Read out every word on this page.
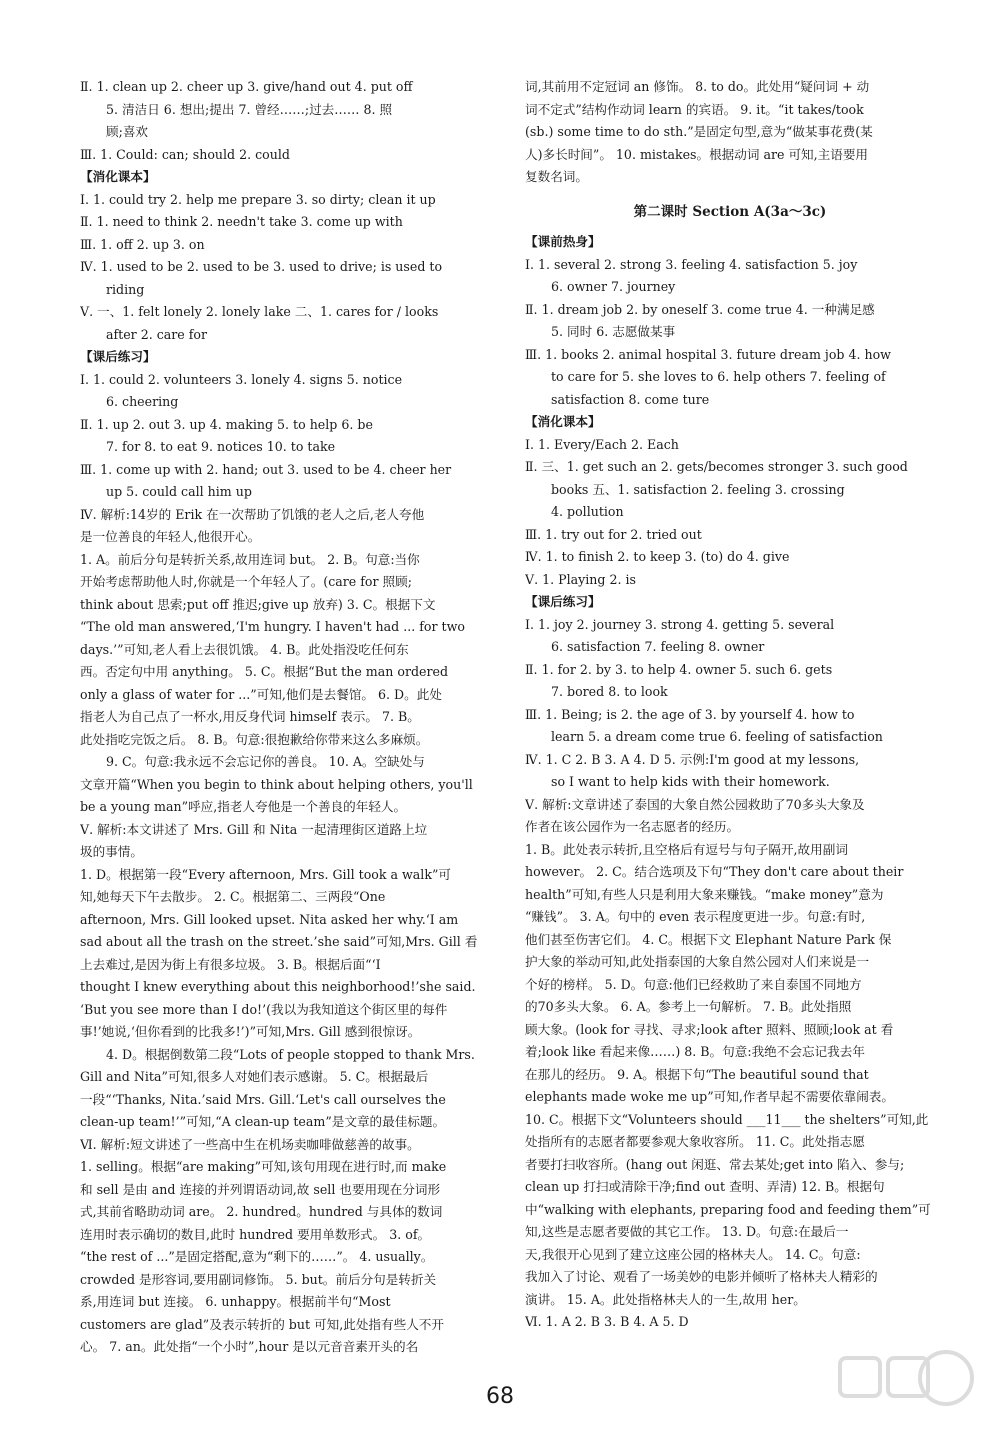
Ⅱ. 1. clean up 2. cheer up 3. give/hand out 4. put off
5. 清洁日 6. 想出;提出 7. 曾经……;过去…… 8. 照
顾;喜欢
Ⅲ. 1. Could: can; should 2. could
【消化课本】
Ⅰ. 1. could try 2. help me prepare 3. so dirty; clean it up
Ⅱ. 1. need to think 2. needn't take 3. come up with
Ⅲ. 1. off 2. up 3. on
Ⅳ. 1. used to be 2. used to be 3. used to drive; is used to
riding
Ⅴ. 一、1. felt lonely 2. lonely lake 二、1. cares for / looks
after 2. care for
【课后练习】
Ⅰ. 1. could 2. volunteers 3. lonely 4. signs 5. notice
6. cheering
Ⅱ. 1. up 2. out 3. up 4. making 5. to help 6. be
7. for 8. to eat 9. notices 10. to take
Ⅲ. 1. come up with 2. hand; out 3. used to be 4. cheer her
up 5. could call him up
Ⅳ. 解析:14岁的 Erik 在一次帮助了饥饿的老人之后,老人夸他
是一位善良的年轻人,他很开心。
1. A。前后分句是转折关系,故用连词 but。 2. B。句意:当你
开始考虑帮助他人时,你就是一个年轻人了。(care for 照顾;
think about 思索;put off 推迟;give up 放弃) 3. C。根据下文
“The old man answered,‘I'm hungry. I haven't had ... for two
days.’”可知,老人看上去很饥饿。 4. B。此处指没吃任何东
西。否定句中用 anything。 5. C。根据“But the man ordered
only a glass of water for ...”可知,他们是去餐馆。 6. D。此处
指老人为自己点了一杯水,用反身代词 himself 表示。 7. B。
此处指吃完饭之后。 8. B。句意:很抱歉给你带来这么多麻烦。
9. C。句意:我永远不会忘记你的善良。 10. A。空缺处与
文章开篇“When you begin to think about helping others, you'll
be a young man”呼应,指老人夸他是一个善良的年轻人。
Ⅴ. 解析:本文讲述了 Mrs. Gill 和 Nita 一起清理街区道路上垃
圾的事情。
1. D。根据第一段“Every afternoon, Mrs. Gill took a walk”可
知,她每天下午去散步。 2. C。根据第二、三两段“One
afternoon, Mrs. Gill looked upset. Nita asked her why.‘I am
sad about all the trash on the street.’she said”可知,Mrs. Gill 看
上去难过,是因为街上有很多垃圾。 3. B。根据后面“‘I
thought I knew everything about this neighborhood!’she said.
‘But you see more than I do!’(我以为我知道这个街区里的每件
事!’她说,‘但你看到的比我多!’)”可知,Mrs. Gill 感到很惊讶。
4. D。根据倒数第二段“Lots of people stopped to thank Mrs.
Gill and Nita”可知,很多人对她们表示感谢。 5. C。根据最后
一段“‘Thanks, Nita.’said Mrs. Gill.‘Let's call ourselves the
clean-up team!’”可知,“A clean-up team”是文章的最佳标题。
Ⅵ. 解析:短文讲述了一些高中生在机场卖咖啡做慈善的故事。
1. selling。根据“are making”可知,该句用现在进行时,而 make
和 sell 是由 and 连接的并列谓语动词,故 sell 也要用现在分词形
式,其前省略助动词 are。 2. hundred。hundred 与具体的数词
连用时表示确切的数目,此时 hundred 要用单数形式。 3. of。
“the rest of ...”是固定搭配,意为“剩下的……”。 4. usually。
crowded 是形容词,要用副词修饰。 5. but。前后分句是转折关
系,用连词 but 连接。 6. unhappy。根据前半句“Most
customers are glad”及表示转折的 but 可知,此处指有些人不开
心。 7. an。此处指“一个小时”,hour 是以元音音素开头的名
词,其前用不定冠词 an 修饰。 8. to do。此处用“疑问词 + 动
词不定式”结构作动词 learn 的宾语。 9. it。“it takes/took
(sb.) some time to do sth.”是固定句型,意为“做某事花费(某
人)多长时间”。 10. mistakes。根据动词 are 可知,主语要用
复数名词。
第二课时 Section A(3a～3c)
【课前热身】
Ⅰ. 1. several 2. strong 3. feeling 4. satisfaction 5. joy
6. owner 7. journey
Ⅱ. 1. dream job 2. by oneself 3. come true 4. 一种满足感
5. 同时 6. 志愿做某事
Ⅲ. 1. books 2. animal hospital 3. future dream job 4. how
to care for 5. she loves to 6. help others 7. feeling of
satisfaction 8. come ture
【消化课本】
Ⅰ. 1. Every/Each 2. Each
Ⅱ. 三、1. get such an 2. gets/becomes stronger 3. such good
books 五、1. satisfaction 2. feeling 3. crossing
4. pollution
Ⅲ. 1. try out for 2. tried out
Ⅳ. 1. to finish 2. to keep 3. (to) do 4. give
Ⅴ. 1. Playing 2. is
【课后练习】
Ⅰ. 1. joy 2. journey 3. strong 4. getting 5. several
6. satisfaction 7. feeling 8. owner
Ⅱ. 1. for 2. by 3. to help 4. owner 5. such 6. gets
7. bored 8. to look
Ⅲ. 1. Being; is 2. the age of 3. by yourself 4. how to
learn 5. a dream come true 6. feeling of satisfaction
Ⅳ. 1. C 2. B 3. A 4. D 5. 示例:I'm good at my lessons,
so I want to help kids with their homework.
Ⅴ. 解析:文章讲述了泰国的大象自然公园救助了70多头大象及
作者在该公园作为一名志愿者的经历。
1. B。此处表示转折,且空格后有逗号与句子隔开,故用副词
however。 2. C。结合选项及下句“They don't care about their
health”可知,有些人只是利用大象来赚钱。“make money”意为
“赚钱”。 3. A。句中的 even 表示程度更进一步。句意:有时,
他们甚至伤害它们。 4. C。根据下文 Elephant Nature Park 保
护大象的举动可知,此处指泰国的大象自然公园对人们来说是一
个好的榜样。 5. D。句意:他们已经救助了来自泰国不同地方
的70多头大象。 6. A。参考上一句解析。 7. B。此处指照
顾大象。(look for 寻找、寻求;look after 照料、照顾;look at 看
着;look like 看起来像……) 8. B。句意:我绝不会忘记我去年
在那儿的经历。 9. A。根据下句“The beautiful sound that
elephants made woke me up”可知,作者早起不需要依靠闹表。
10. C。根据下文“Volunteers should ___11___ the shelters”可知,此
处指所有的志愿者都要参观大象收容所。 11. C。此处指志愿
者要打扫收容所。(hang out 闲逛、常去某处;get into 陷入、参与;
clean up 打扫或清除干净;find out 查明、弄清) 12. B。根据句
中“walking with elephants, preparing food and feeding them”可
知,这些是志愿者要做的其它工作。 13. D。句意:在最后一
天,我很开心见到了建立这座公园的格林夫人。 14. C。句意:
我加入了讨论、观看了一场美妙的电影并倾听了格林夫人精彩的
演讲。 15. A。此处指格林夫人的一生,故用 her。
Ⅵ. 1. A 2. B 3. B 4. A 5. D
68
